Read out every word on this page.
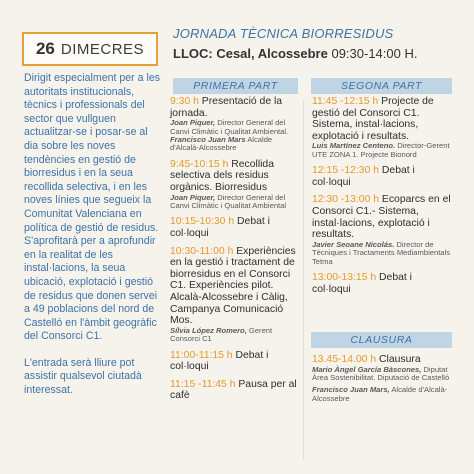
26 DIMECRES

Dirigit especialment per a les autoritats institucionals, tècnics i professionals del sector que vullguen actualitzar-se i posar-se al dia sobre les noves tendències en gestió de biorresidus i en la seua recollida selectiva, i en les noves línies que segueix la Comunitat Valenciana en política de gestió de residus. S'aprofitarà per a aprofundir en la realitat de les instal·lacions, la seua ubicació, explotació i gestió de residus que donen servei a 49 poblacions del nord de Castelló en l'àmbit geogràfic del Consorci C1.

L'entrada serà lliure pot assistir qualsevol ciutadà interessat.

JORNADA TÈCNICA BIORRESIDUS
LLOC: Cesal, Alcossebre 09:30-14:00 H.
PRIMERA PART	SEGONA PART
9:30 h Presentació de la jornada.
Joan Piquer, Director General del Canvi Climàtic i Qualitat Ambiental. Francisco Juan Mars Alcalde d'Alcalà-Alcossebre
9:45-10:15 h Recollida selectiva dels residus orgànics. Biorresidus
Joan Piquer, Director General del Canvi Climàtic i Qualitat Ambiental
10:15-10:30 h Debat i col·loqui
10:30-11:00 h Experiències en la gestió i tractament de biorresidus en el Consorci C1. Experiències pilot. Alcalà-Alcossebre i Càlig, Campanya Comunicació Mos.
Sílvia López Romero, Gerent Consorci C1
11:00-11:15 h Debat i col·loqui
11:15 -11:45 h Pausa per al cafè
11:45 -12:15 h Projecte de gestió del Consorci C1. Sistema, instal·lacions, explotació i resultats.
Luis Martínez Centeno. Director-Gerent UTE ZONA 1. Projecte Bionord
12:15 -12:30 h Debat i col·loqui
12:30 -13:00 h Ecoparcs en el Consorci C1.- Sistema, instal·lacions, explotació i resultats.
Javier Seoane Nicolás. Director de Tècniques i Tractaments Mediambientals Tetma
13:00-13:15 h Debat i col·loqui
CLAUSURA
13.45-14.00 h Clausura
Mario Àngel García Bàscones, Diputat Àrea Sostenibilitat. Diputació de Castelló
Francisco Juan Mars, Alcalde d'Alcalà-Alcossebre
